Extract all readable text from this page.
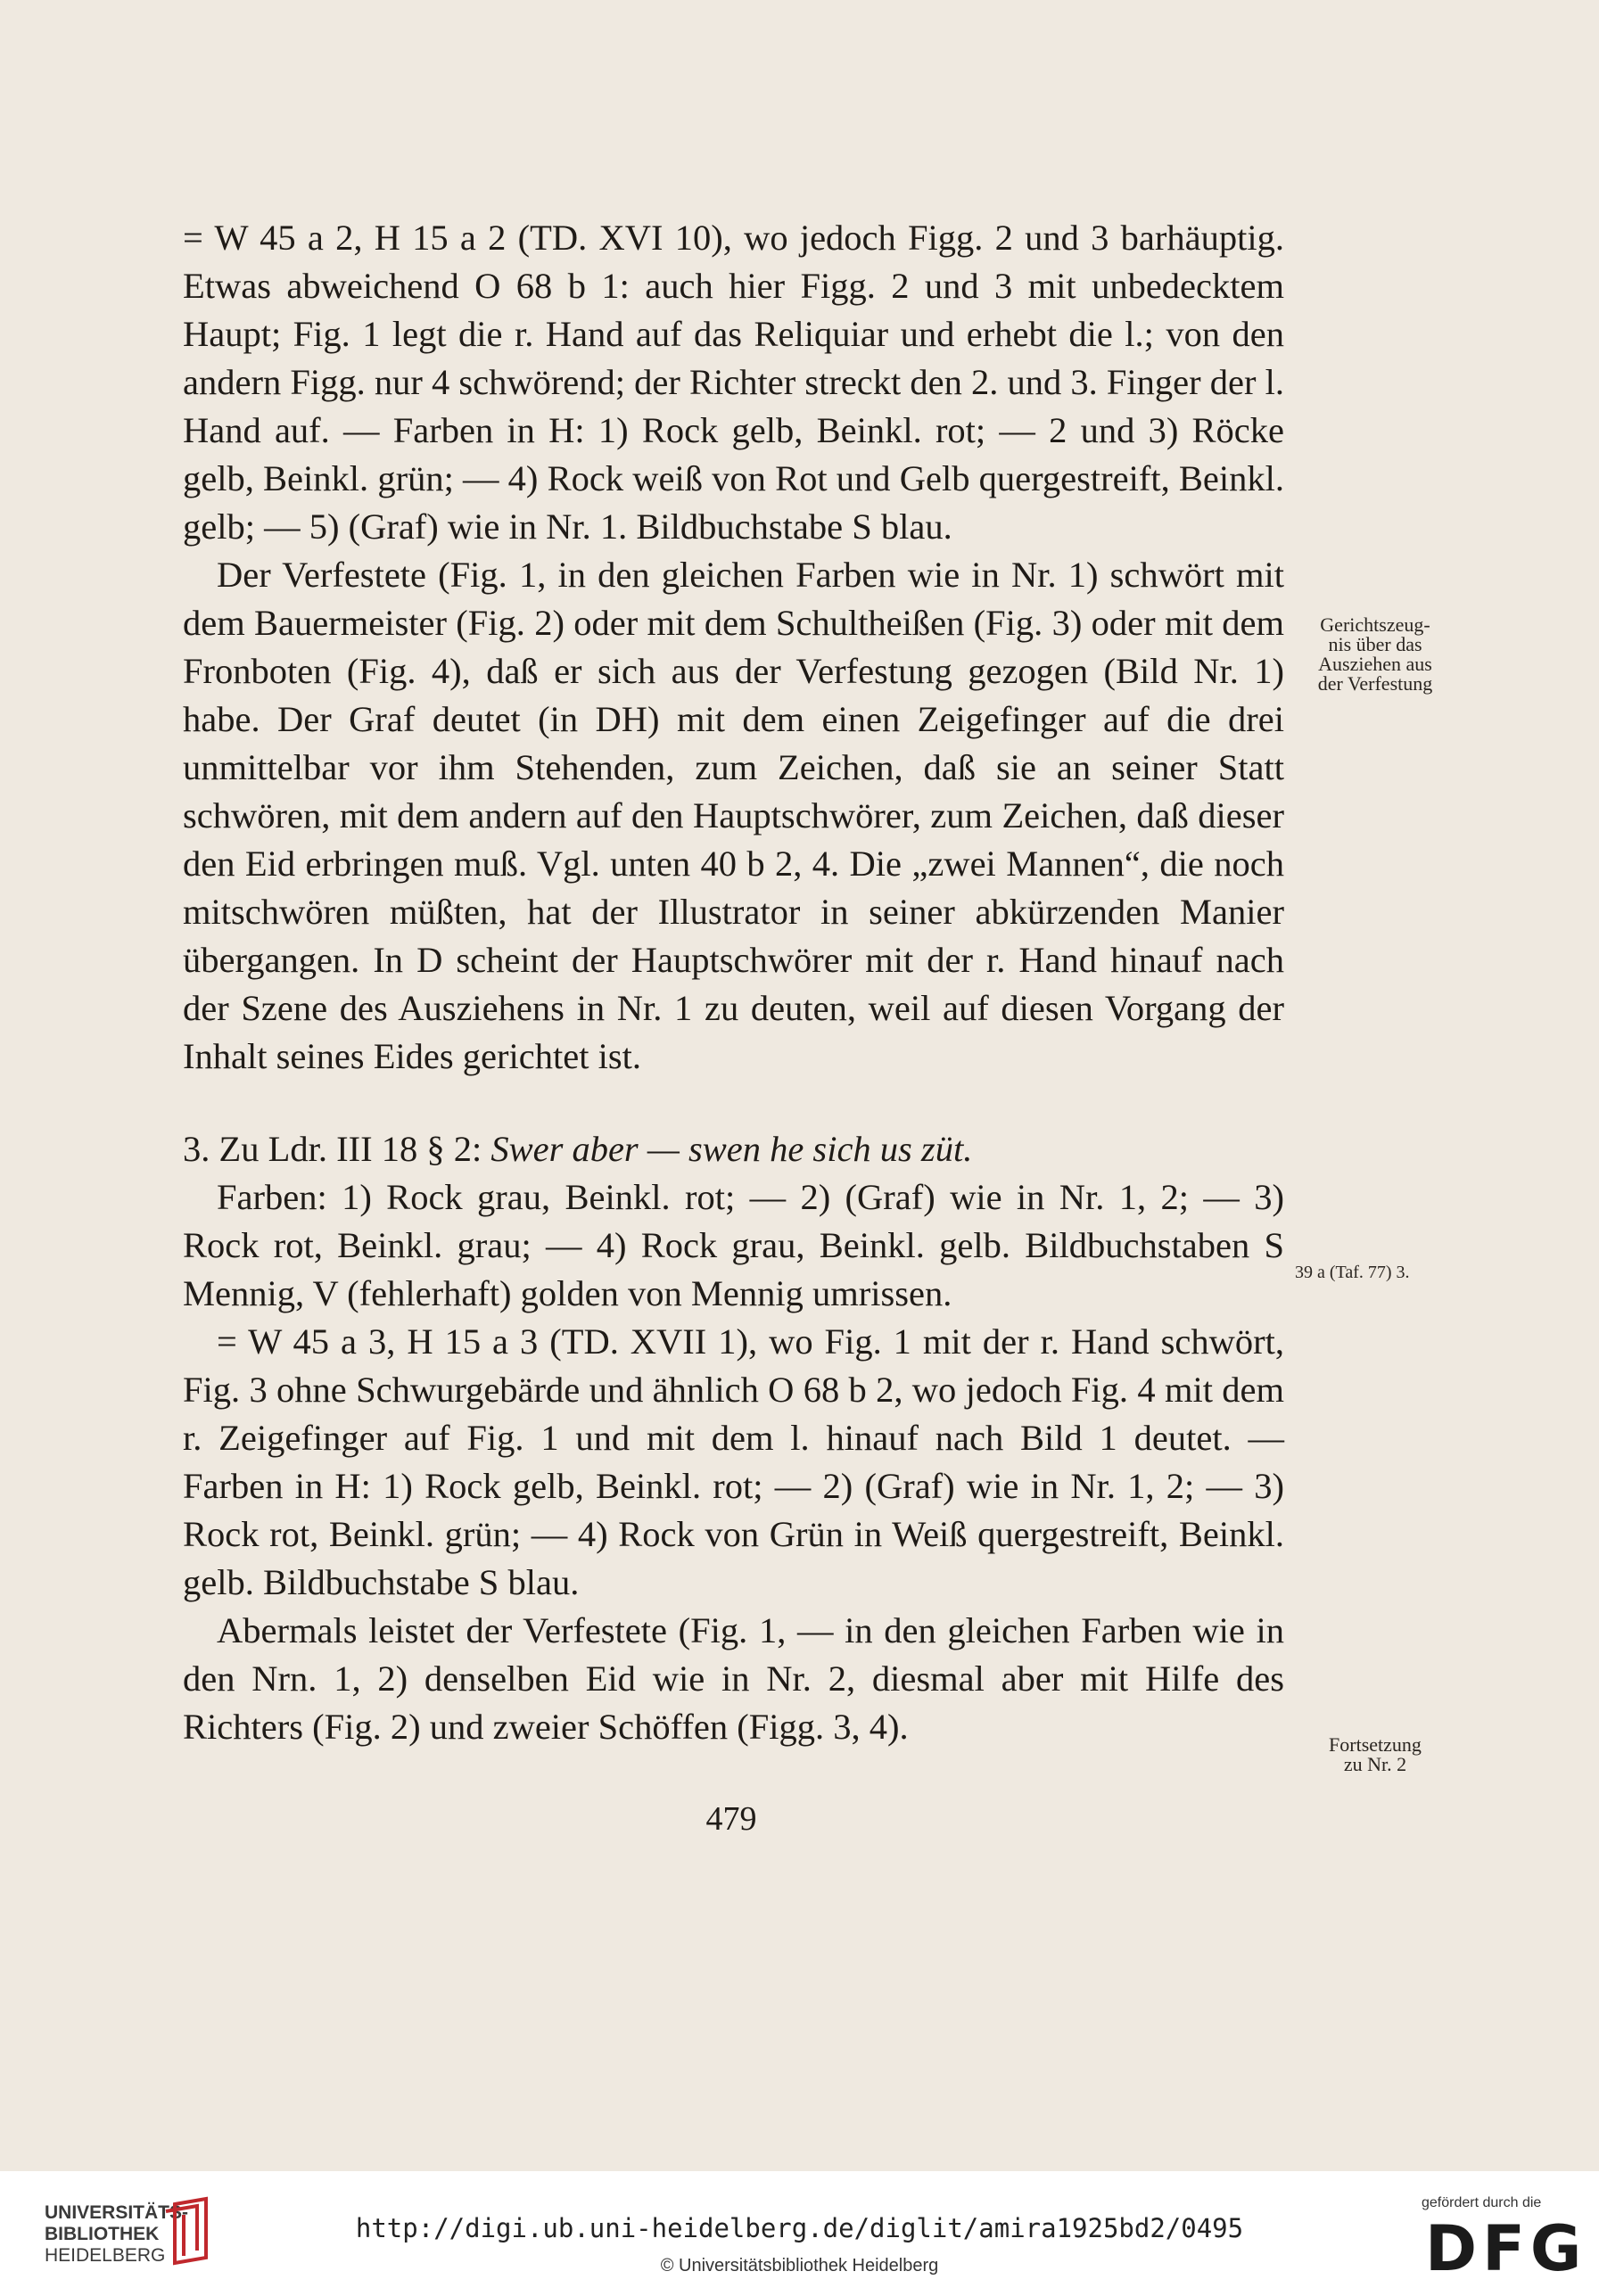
= W 45 a 2, H 15 a 2 (TD. XVI 10), wo jedoch Figg. 2 und 3 barhäuptig. Etwas abweichend O 68 b 1: auch hier Figg. 2 und 3 mit unbedecktem Haupt; Fig. 1 legt die r. Hand auf das Reliquiar und erhebt die l.; von den andern Figg. nur 4 schwörend; der Richter streckt den 2. und 3. Finger der l. Hand auf. — Farben in H: 1) Rock gelb, Beinkl. rot; — 2 und 3) Röcke gelb, Beinkl. grün; — 4) Rock weiß von Rot und Gelb quergestreift, Beinkl. gelb; — 5) (Graf) wie in Nr. 1. Bildbuchstabe S blau.

Der Verfestete (Fig. 1, in den gleichen Farben wie in Nr. 1) schwört mit dem Bauermeister (Fig. 2) oder mit dem Schultheißen (Fig. 3) oder mit dem Fronboten (Fig. 4), daß er sich aus der Verfestung gezogen (Bild Nr. 1) habe. Der Graf deutet (in DH) mit dem einen Zeigefinger auf die drei unmittelbar vor ihm Stehenden, zum Zeichen, daß sie an seiner Statt schwören, mit dem andern auf den Hauptschwörer, zum Zeichen, daß dieser den Eid erbringen muß. Vgl. unten 40 b 2, 4. Die „zwei Mannen“, die noch mitschwören müßten, hat der Illustrator in seiner abkürzenden Manier übergangen. In D scheint der Hauptschwörer mit der r. Hand hinauf nach der Szene des Ausziehens in Nr. 1 zu deuten, weil auf diesen Vorgang der Inhalt seines Eides gerichtet ist.

3. Zu Ldr. III 18 § 2: Swer aber — swen he sich us züt.

Farben: 1) Rock grau, Beinkl. rot; — 2) (Graf) wie in Nr. 1, 2; — 3) Rock rot, Beinkl. grau; — 4) Rock grau, Beinkl. gelb. Bildbuchstaben S Mennig, V (fehlerhaft) golden von Mennig umrissen.

= W 45 a 3, H 15 a 3 (TD. XVII 1), wo Fig. 1 mit der r. Hand schwört, Fig. 3 ohne Schwurgebärde und ähnlich O 68 b 2, wo jedoch Fig. 4 mit dem r. Zeigefinger auf Fig. 1 und mit dem l. hinauf nach Bild 1 deutet. — Farben in H: 1) Rock gelb, Beinkl. rot; — 2) (Graf) wie in Nr. 1, 2; — 3) Rock rot, Beinkl. grün; — 4) Rock von Grün in Weiß quergestreift, Beinkl. gelb. Bildbuchstabe S blau.

Abermals leistet der Verfestete (Fig. 1, — in den gleichen Farben wie in den Nrn. 1, 2) denselben Eid wie in Nr. 2, diesmal aber mit Hilfe des Richters (Fig. 2) und zweier Schöffen (Figg. 3, 4).

Gerichtszeug-
nis über das
Ausziehen aus
der Verfestung
39 a (Taf. 77) 3.
Fortsetzung
zu Nr. 2
479
UNIVERSITÄTS-
BIBLIOTHEK
HEIDELBERG
http://digi.ub.uni-heidelberg.de/diglit/amira1925bd2/0495
© Universitätsbibliothek Heidelberg
gefördert durch die
DFG
